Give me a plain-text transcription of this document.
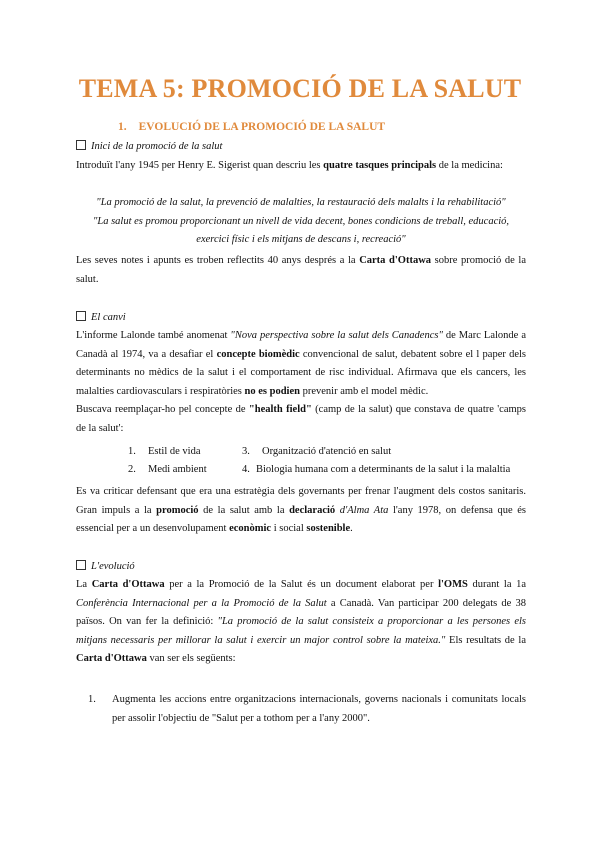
TEMA 5: PROMOCIÓ DE LA SALUT
1. EVOLUCIÓ DE LA PROMOCIÓ DE LA SALUT
Inici de la promoció de la salut
Introduït l'any 1945 per Henry E. Sigerist quan descriu les quatre tasques principals de la medicina:
"La promoció de la salut, la prevenció de malalties, la restauració dels malalts i la rehabilitació"
"La salut es promou proporcionant un nivell de vida decent, bones condicions de treball, educació, exercici físic i els mitjans de descans i, recreació"
Les seves notes i apunts es troben reflectits 40 anys després a la Carta d'Ottawa sobre promoció de la salut.
El canvi
L'informe Lalonde també anomenat "Nova perspectiva sobre la salut dels Canadencs" de Marc Lalonde a Canadà al 1974, va a desafiar el concepte biomèdic convencional de salut, debatent sobre el l paper dels determinants no mèdics de la salut i el comportament de risc individual. Afirmava que els cancers, les malalties cardiovasculars i respiratòries no es podien prevenir amb el model mèdic.
Buscava reemplaçar-ho pel concepte de "health field" (camp de la salut) que constava de quatre 'camps de la salut':
1. Estil de vida	3. Organització d'atenció en salut
2. Medi ambient	4. Biologia humana com a determinants de la salut i la malaltia
Es va criticar defensant que era una estratègia dels governants per frenar l'augment dels costos sanitaris. Gran impuls a la promoció de la salut amb la declaració d'Alma Ata l'any 1978, on defensa que és essencial per a un desenvolupament econòmic i social sostenible.
L'evolució
La Carta d'Ottawa per a la Promoció de la Salut és un document elaborat per l'OMS durant la 1a Conferència Internacional per a la Promoció de la Salut a Canadà. Van participar 200 delegats de 38 països. On van fer la definició: "La promoció de la salut consisteix a proporcionar a les persones els mitjans necessaris per millorar la salut i exercir un major control sobre la mateixa." Els resultats de la Carta d'Ottawa van ser els següents:
1.	Augmenta les accions entre organitzacions internacionals, governs nacionals i comunitats locals per assolir l'objectiu de "Salut per a tothom per a l'any 2000".
